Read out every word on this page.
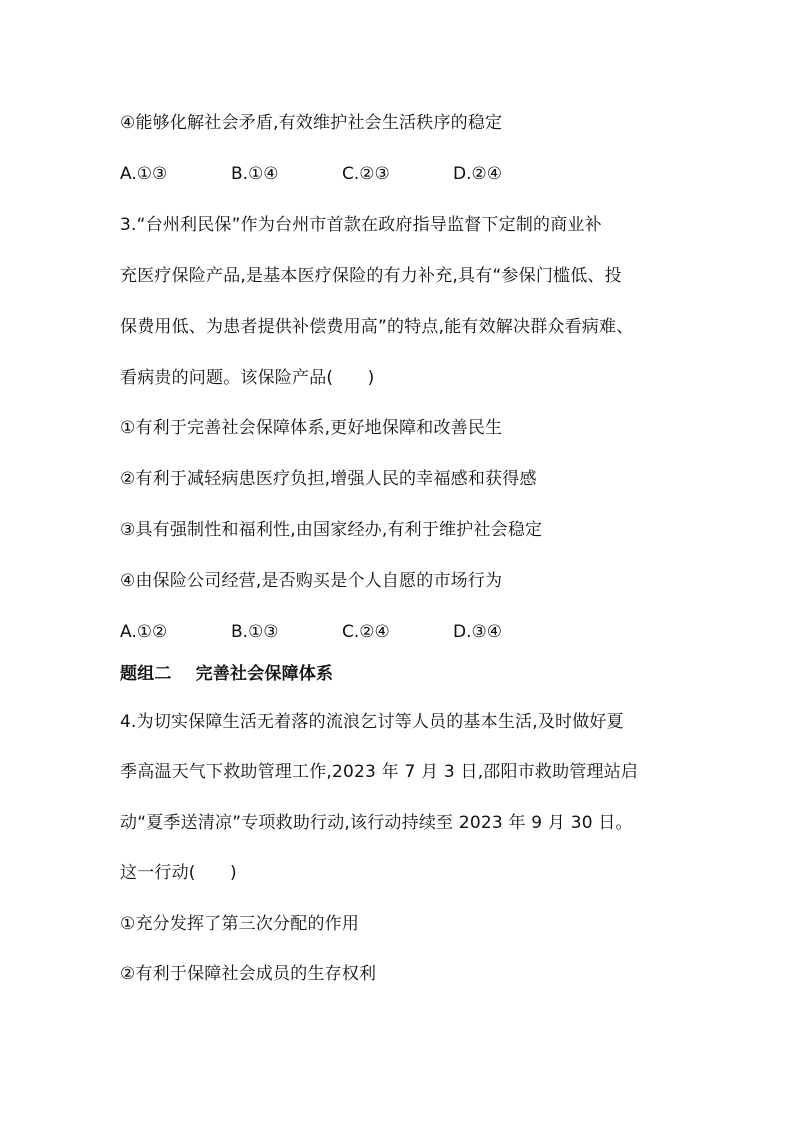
④能够化解社会矛盾,有效维护社会生活秩序的稳定
A.①③	B.①④	C.②③	D.②④
3.“台州利民保”作为台州市首款在政府指导监督下定制的商业补
充医疗保险产品,是基本医疗保险的有力补充,具有“参保门槛低、投
保费用低、为患者提供补偿费用高”的特点,能有效解决群众看病难、
看病贵的问题。该保险产品(　　)
①有利于完善社会保障体系,更好地保障和改善民生
②有利于减轻病患医疗负担,增强人民的幸福感和获得感
③具有强制性和福利性,由国家经办,有利于维护社会稳定
④由保险公司经营,是否购买是个人自愿的市场行为
A.①②	B.①③	C.②④	D.③④
题组二 完善社会保障体系
4.为切实保障生活无着落的流浪乞讨等人员的基本生活,及时做好夏
季高温天气下救助管理工作,2023 年 7 月 3 日,邵阳市救助管理站启
动“夏季送清凉”专项救助行动,该行动持续至 2023 年 9 月 30 日。
这一行动(　　)
①充分发挥了第三次分配的作用
②有利于保障社会成员的生存权利
